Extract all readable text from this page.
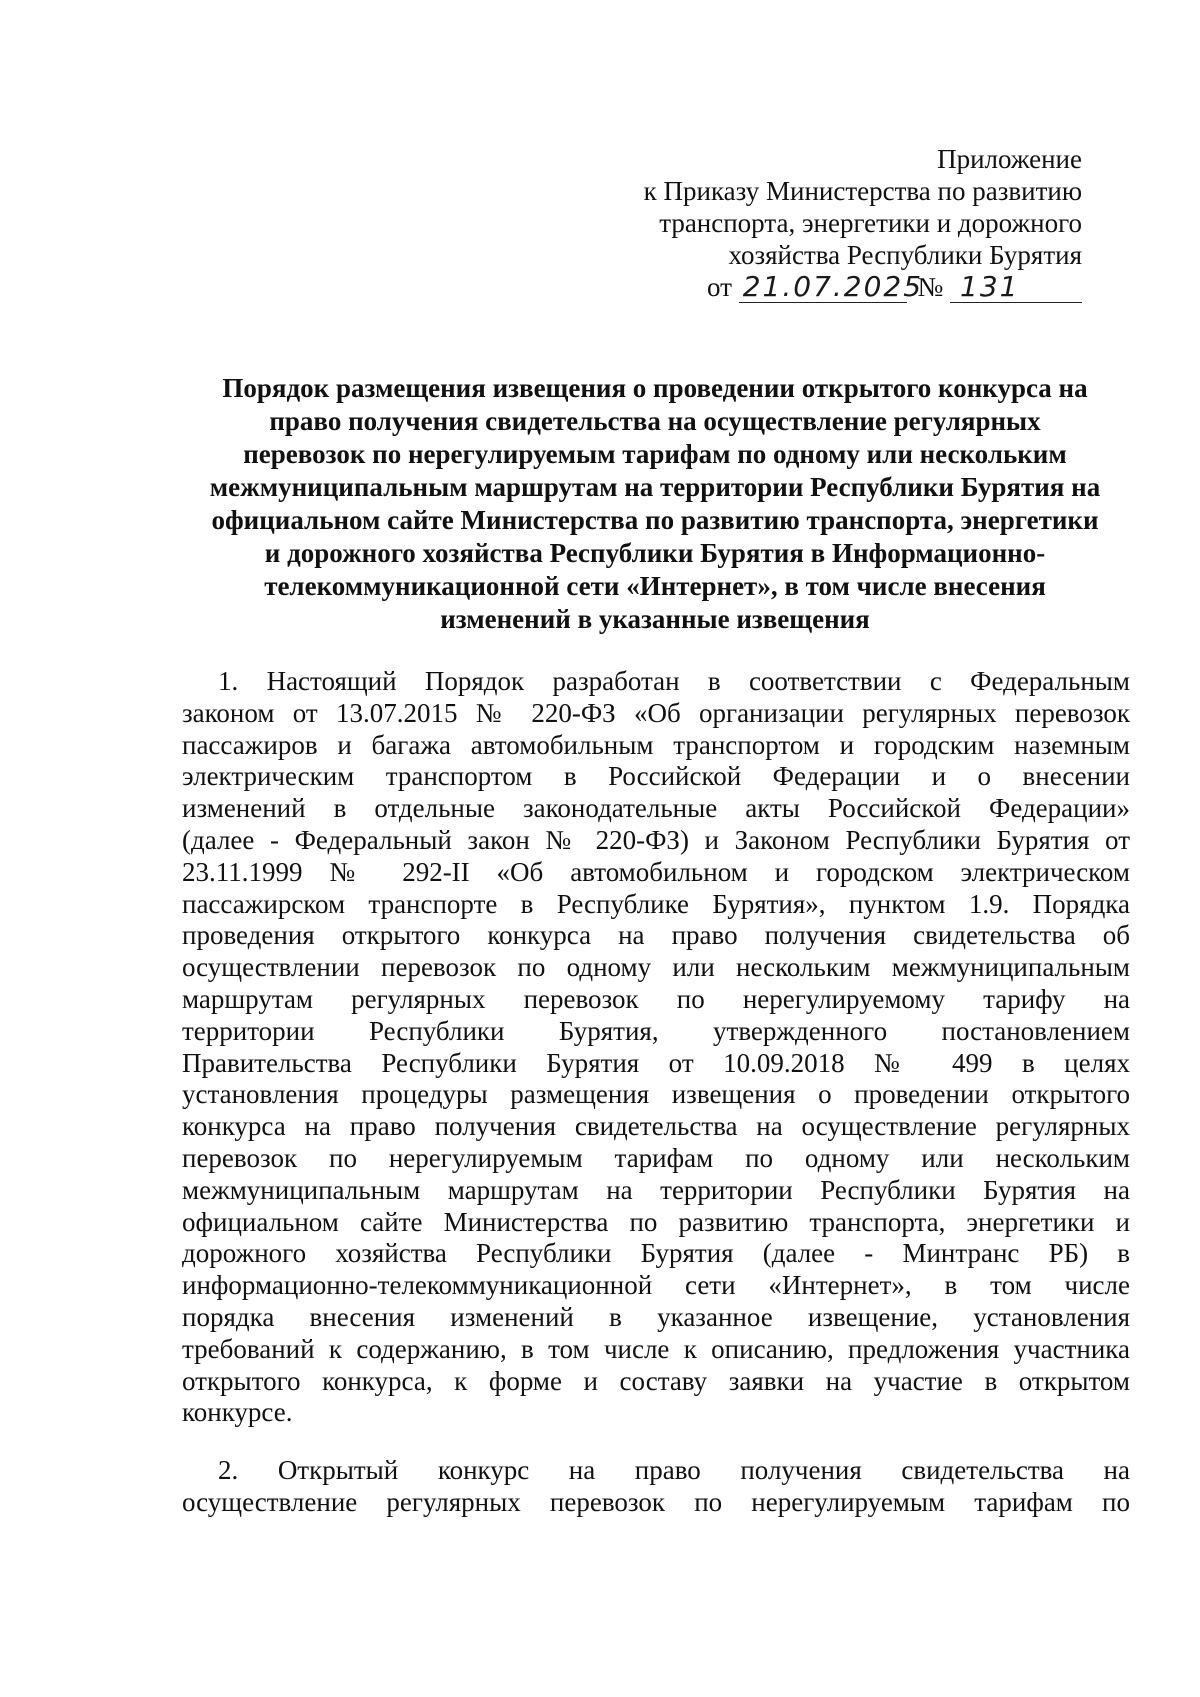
Приложение
к Приказу Министерства по развитию
транспорта, энергетики и дорожного
хозяйства Республики Бурятия
от 21.07.2025 № 131
Порядок размещения извещения о проведении открытого конкурса на
право получения свидетельства на осуществление регулярных
перевозок по нерегулируемым тарифам по одному или нескольким
межмуниципальным маршрутам на территории Республики Бурятия на
официальном сайте Министерства по развитию транспорта, энергетики
и дорожного хозяйства Республики Бурятия в Информационно-
телекоммуникационной сети «Интернет», в том числе внесения
изменений в указанные извещения
1. Настоящий Порядок разработан в соответствии с Федеральным
законом от 13.07.2015 № 220-ФЗ «Об организации регулярных перевозок
пассажиров и багажа автомобильным транспортом и городским наземным
электрическим транспортом в Российской Федерации и о внесении
изменений в отдельные законодательные акты Российской Федерации»
(далее - Федеральный закон № 220-ФЗ) и Законом Республики Бурятия от
23.11.1999 № 292-II «Об автомобильном и городском электрическом
пассажирском транспорте в Республике Бурятия», пунктом 1.9. Порядка
проведения открытого конкурса на право получения свидетельства об
осуществлении перевозок по одному или нескольким межмуниципальным
маршрутам регулярных перевозок по нерегулируемому тарифу на
территории Республики Бурятия, утвержденного постановлением
Правительства Республики Бурятия от 10.09.2018 № 499 в целях
установления процедуры размещения извещения о проведении открытого
конкурса на право получения свидетельства на осуществление регулярных
перевозок по нерегулируемым тарифам по одному или нескольким
межмуниципальным маршрутам на территории Республики Бурятия на
официальном сайте Министерства по развитию транспорта, энергетики и
дорожного хозяйства Республики Бурятия (далее - Минтранс РБ) в
информационно-телекоммуникационной сети «Интернет», в том числе
порядка внесения изменений в указанное извещение, установления
требований к содержанию, в том числе к описанию, предложения участника
открытого конкурса, к форме и составу заявки на участие в открытом
конкурсе.
2. Открытый конкурс на право получения свидетельства на
осуществление регулярных перевозок по нерегулируемым тарифам по
